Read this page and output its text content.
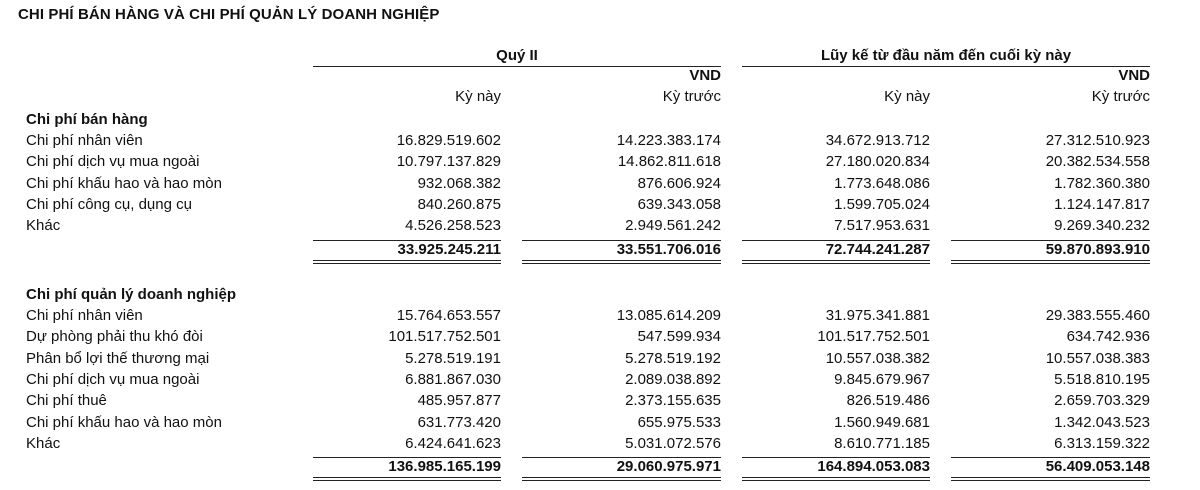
CHI PHÍ BÁN HÀNG VÀ CHI PHÍ QUẢN LÝ DOANH NGHIỆP
Quý II	Lũy kế từ đầu năm đến cuối kỳ này
VND	VND
Kỳ này	Kỳ trước	Kỳ này	Kỳ trước
Chi phí bán hàng
Chi phí nhân viên	16.829.519.602	14.223.383.174	34.672.913.712	27.312.510.923
Chi phí dịch vụ mua ngoài	10.797.137.829	14.862.811.618	27.180.020.834	20.382.534.558
Chi phí khấu hao và hao mòn	932.068.382	876.606.924	1.773.648.086	1.782.360.380
Chi phí công cụ, dụng cụ	840.260.875	639.343.058	1.599.705.024	1.124.147.817
Khác	4.526.258.523	2.949.561.242	7.517.953.631	9.269.340.232
33.925.245.211	33.551.706.016	72.744.241.287	59.870.893.910
Chi phí quản lý doanh nghiệp
Chi phí nhân viên	15.764.653.557	13.085.614.209	31.975.341.881	29.383.555.460
Dự phòng phải thu khó đòi	101.517.752.501	547.599.934	101.517.752.501	634.742.936
Phân bổ lợi thế thương mại	5.278.519.191	5.278.519.192	10.557.038.382	10.557.038.383
Chi phí dịch vụ mua ngoài	6.881.867.030	2.089.038.892	9.845.679.967	5.518.810.195
Chi phí thuê	485.957.877	2.373.155.635	826.519.486	2.659.703.329
Chi phí khấu hao và hao mòn	631.773.420	655.975.533	1.560.949.681	1.342.043.523
Khác	6.424.641.623	5.031.072.576	8.610.771.185	6.313.159.322
136.985.165.199	29.060.975.971	164.894.053.083	56.409.053.148
